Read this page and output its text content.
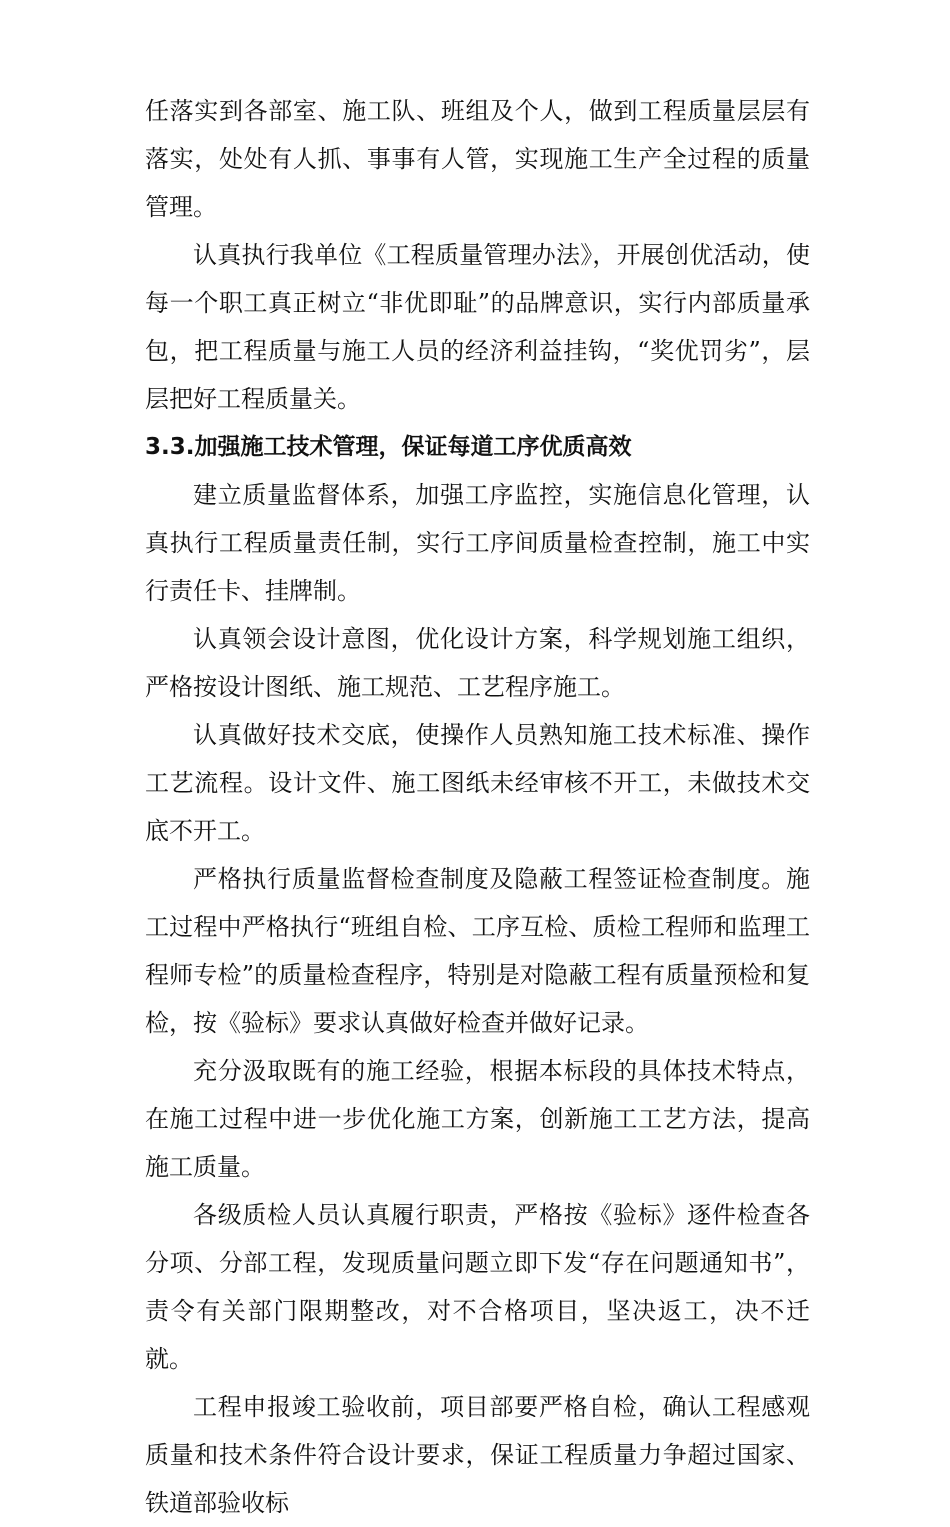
任落实到各部室、施工队、班组及个人，做到工程质量层层有落实，处处有人抓、事事有人管，实现施工生产全过程的质量管理。

认真执行我单位《工程质量管理办法》，开展创优活动，使每一个职工真正树立“非优即耻”的品牌意识，实行内部质量承包，把工程质量与施工人员的经济利益挂钩，“奖优罚劣”，层层把好工程质量关。

3.3.加强施工技术管理，保证每道工序优质高效

建立质量监督体系，加强工序监控，实施信息化管理，认真执行工程质量责任制，实行工序间质量检查控制，施工中实行责任卡、挂牌制。

认真领会设计意图，优化设计方案，科学规划施工组织，严格按设计图纸、施工规范、工艺程序施工。

认真做好技术交底，使操作人员熟知施工技术标准、操作工艺流程。设计文件、施工图纸未经审核不开工，未做技术交底不开工。

严格执行质量监督检查制度及隐蔽工程签证检查制度。施工过程中严格执行“班组自检、工序互检、质检工程师和监理工程师专检”的质量检查程序，特别是对隐蔽工程有质量预检和复检，按《验标》要求认真做好检查并做好记录。

充分汲取既有的施工经验，根据本标段的具体技术特点，在施工过程中进一步优化施工方案，创新施工工艺方法，提高施工质量。

各级质检人员认真履行职责，严格按《验标》逐件检查各分项、分部工程，发现质量问题立即下发“存在问题通知书”，责令有关部门限期整改，对不合格项目，坚决返工，决不迁就。

工程申报竣工验收前，项目部要严格自检，确认工程感观质量和技术条件符合设计要求，保证工程质量力争超过国家、铁道部验收标
